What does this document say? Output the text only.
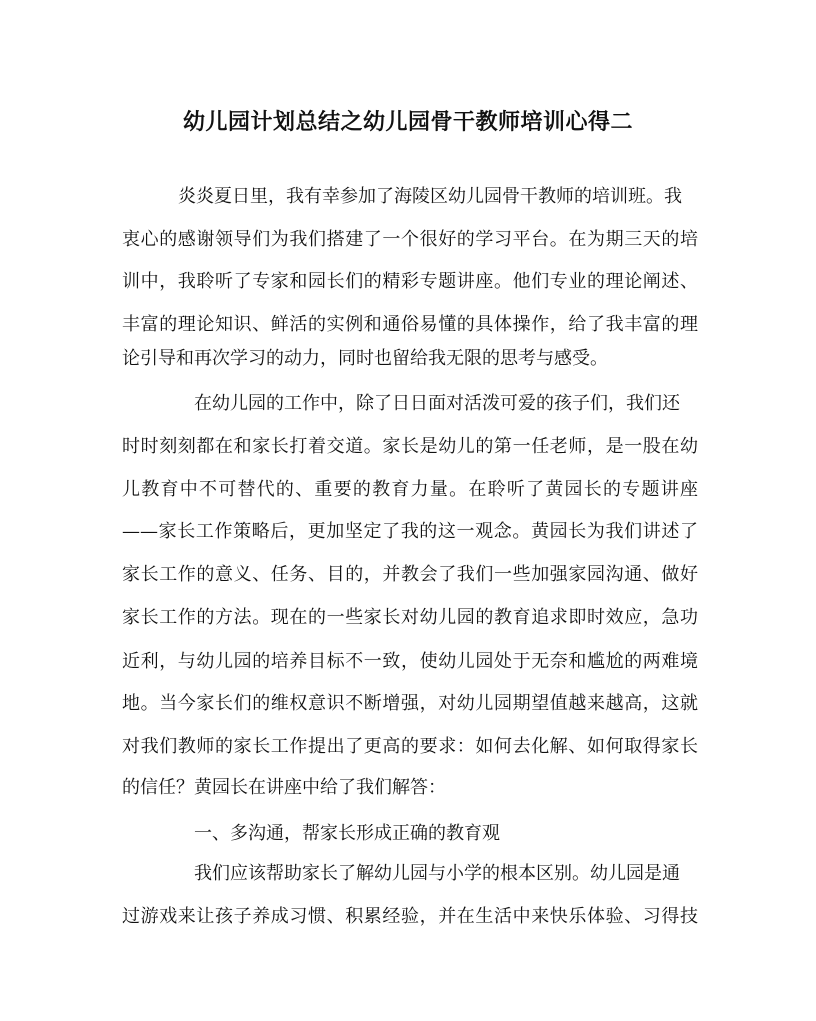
幼儿园计划总结之幼儿园骨干教师培训心得二

炎炎夏日里，我有幸参加了海陵区幼儿园骨干教师的培训班。我

衷心的感谢领导们为我们搭建了一个很好的学习平台。在为期三天的培

训中，我聆听了专家和园长们的精彩专题讲座。他们专业的理论阐述、

丰富的理论知识、鲜活的实例和通俗易懂的具体操作，给了我丰富的理

论引导和再次学习的动力，同时也留给我无限的思考与感受。

在幼儿园的工作中，除了日日面对活泼可爱的孩子们，我们还

时时刻刻都在和家长打着交道。家长是幼儿的第一任老师，是一股在幼

儿教育中不可替代的、重要的教育力量。在聆听了黄园长的专题讲座

——家长工作策略后，更加坚定了我的这一观念。黄园长为我们讲述了

家长工作的意义、任务、目的，并教会了我们一些加强家园沟通、做好

家长工作的方法。现在的一些家长对幼儿园的教育追求即时效应，急功

近利，与幼儿园的培养目标不一致，使幼儿园处于无奈和尴尬的两难境

地。当今家长们的维权意识不断增强，对幼儿园期望值越来越高，这就

对我们教师的家长工作提出了更高的要求：如何去化解、如何取得家长

的信任？黄园长在讲座中给了我们解答：

一、多沟通，帮家长形成正确的教育观

我们应该帮助家长了解幼儿园与小学的根本区别。幼儿园是通

过游戏来让孩子养成习惯、积累经验，并在生活中来快乐体验、习得技
